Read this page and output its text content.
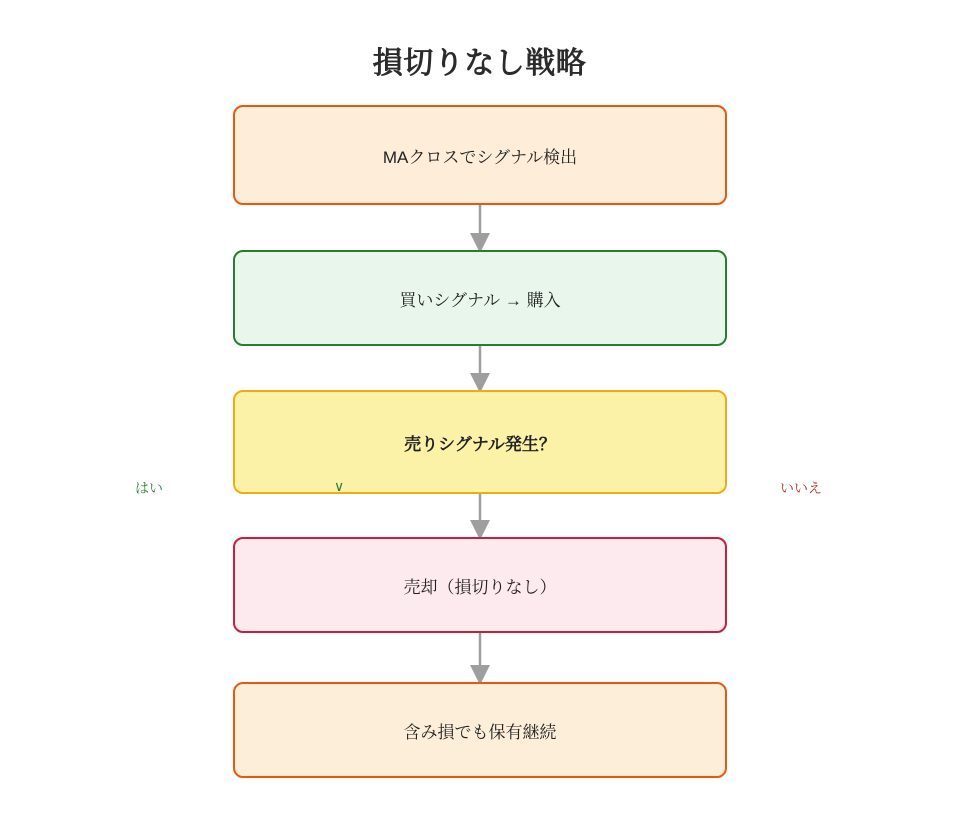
損切りなし戦略
MAクロスでシグナル検出
買いシグナル → 購入
売りシグナル発生？
売却（損切りなし）
含み損でも保有継続
はい	いいえ
∨
